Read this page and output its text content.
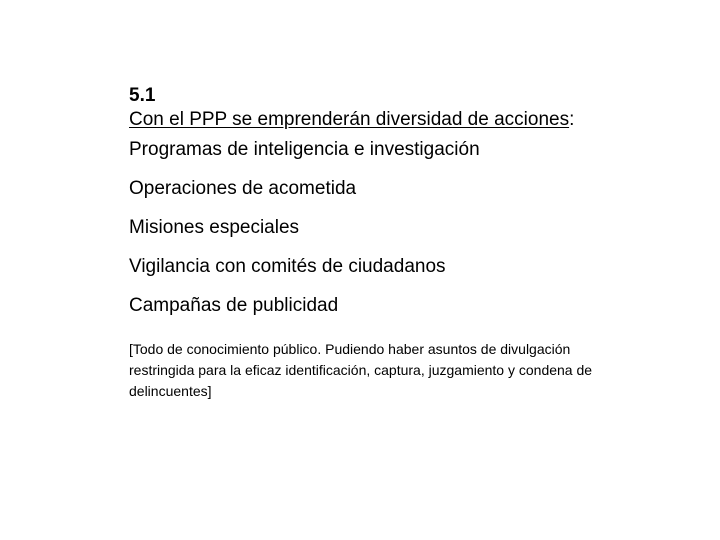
5.1

Con el PPP se emprenderán diversidad de acciones:

Programas de inteligencia e investigación
Operaciones de acometida
Misiones especiales
Vigilancia con comités de ciudadanos
Campañas de publicidad

[Todo de conocimiento público. Pudiendo haber asuntos de divulgación restringida para la eficaz identificación, captura, juzgamiento y condena de delincuentes]
